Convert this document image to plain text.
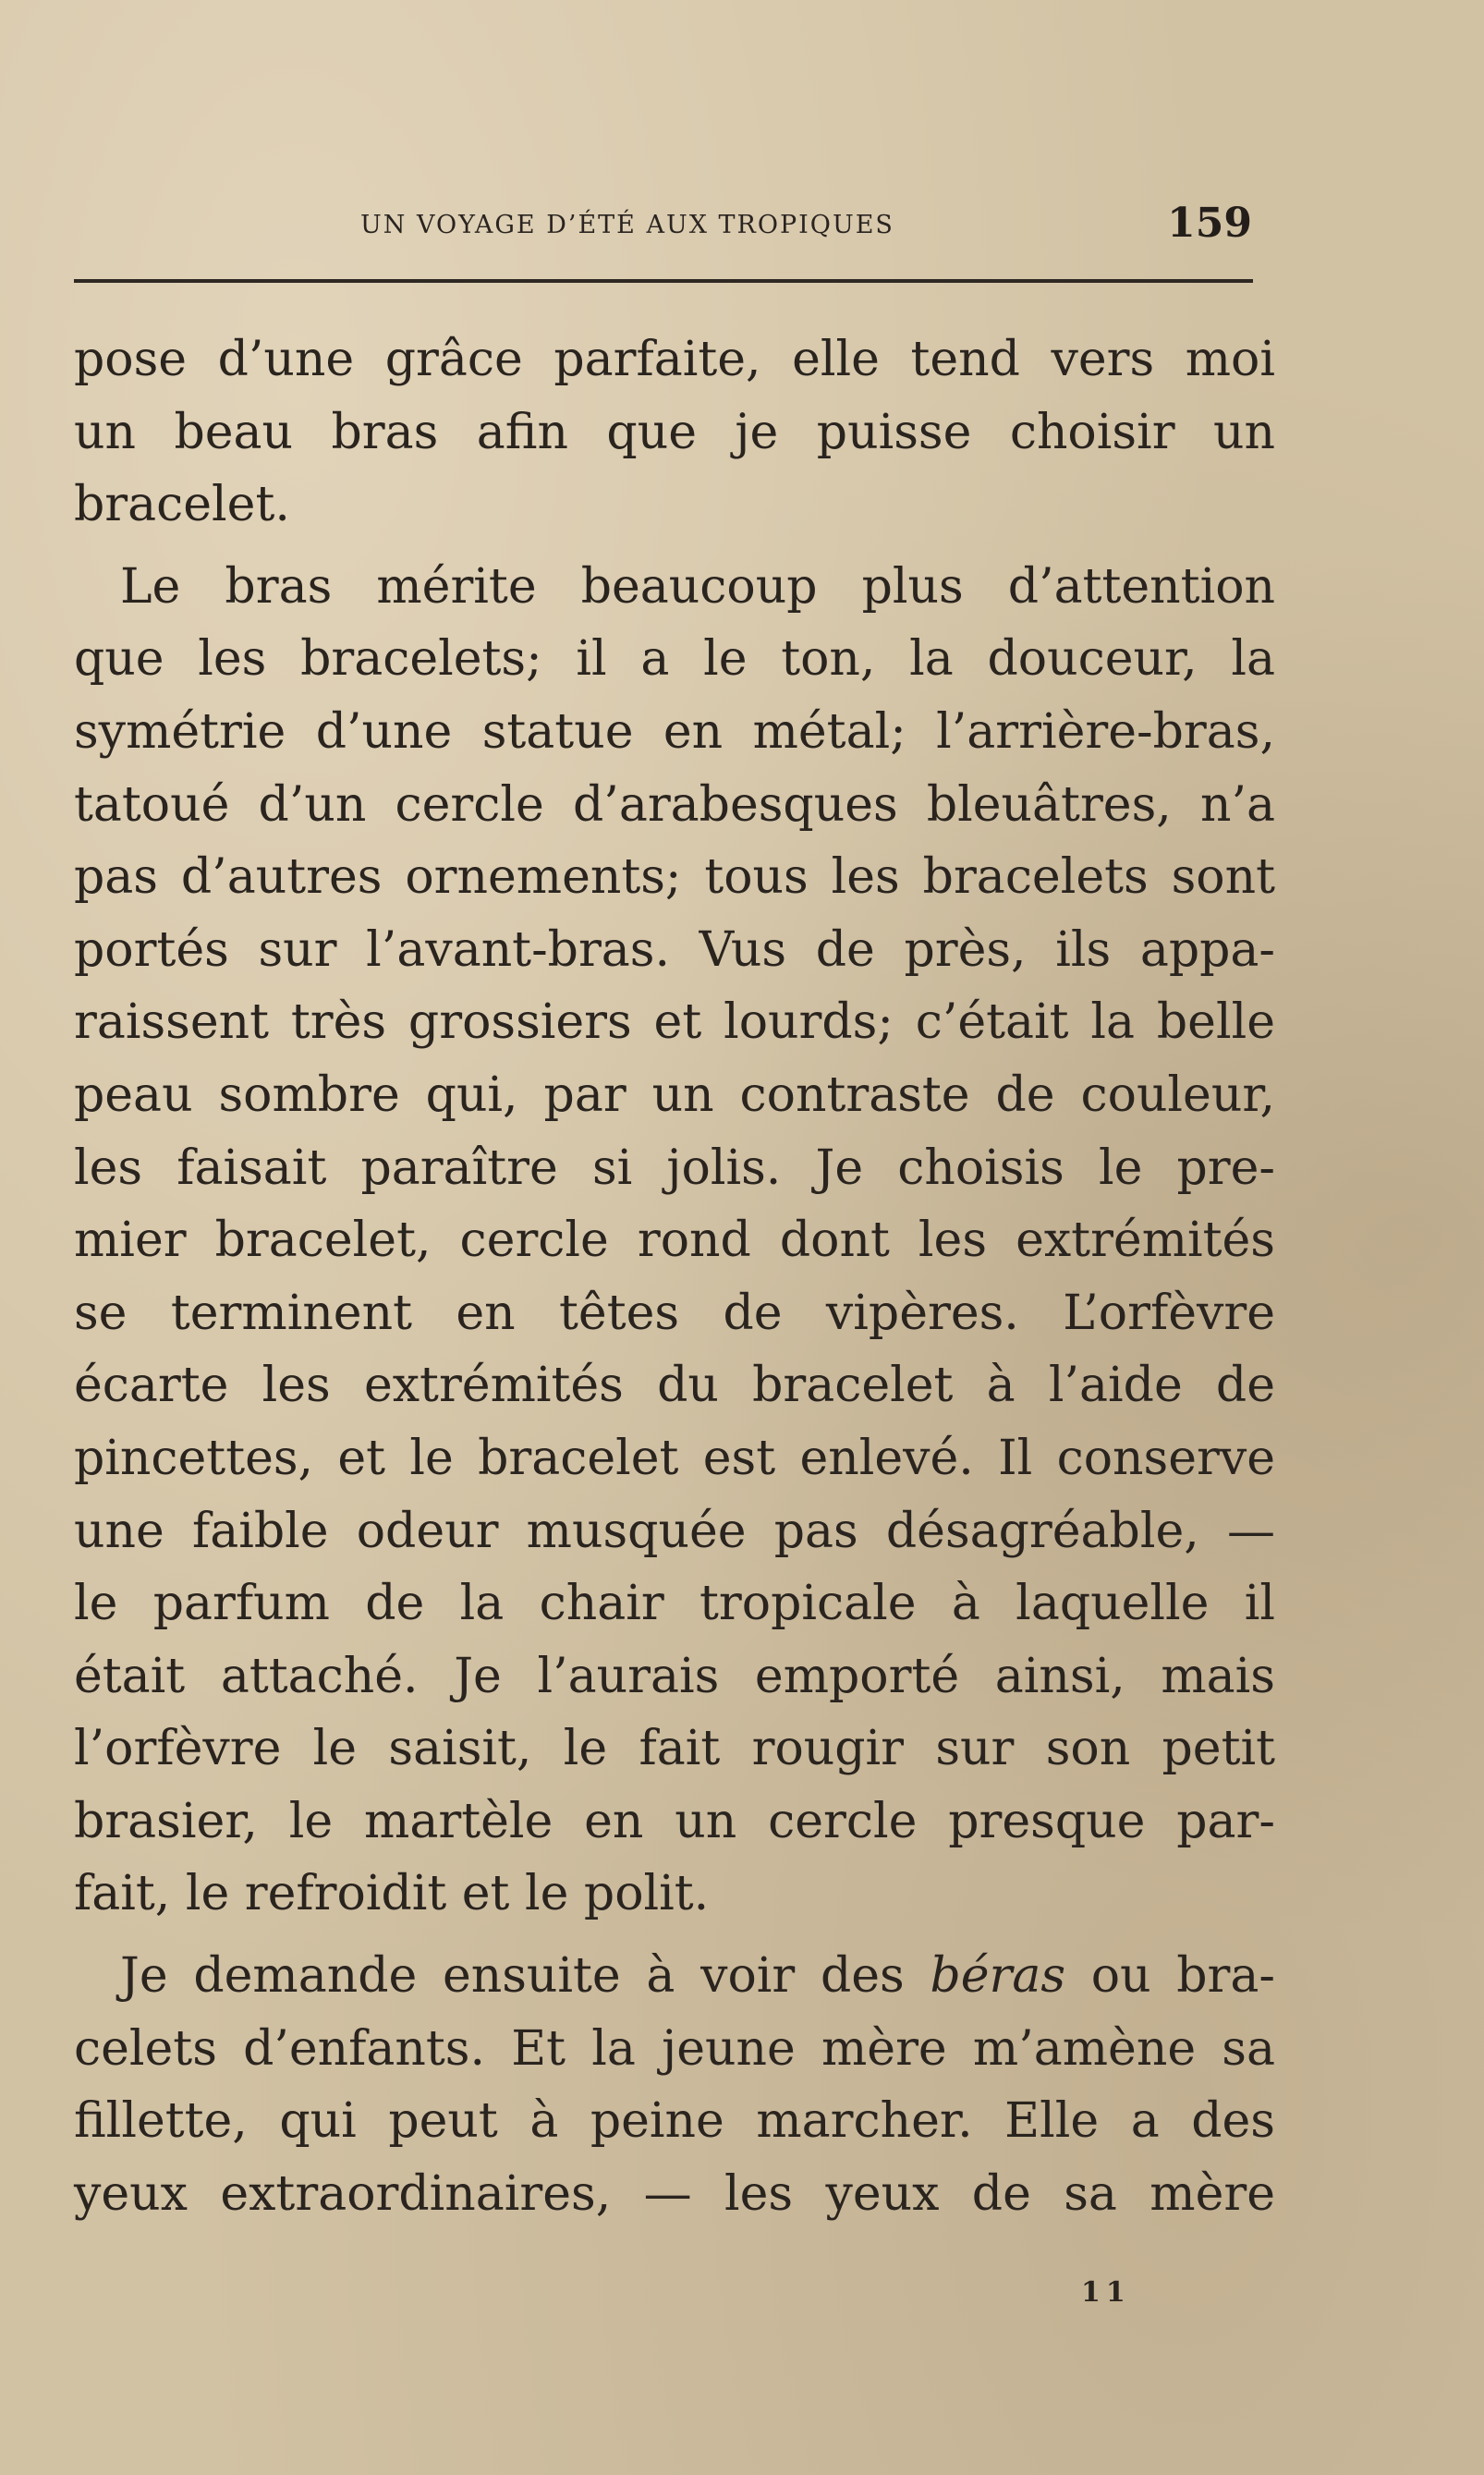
UN VOYAGE D’ÉTÉ AUX TROPIQUES	159
pose d’une grâce parfaite, elle tend vers moi
un beau bras afin que je puisse choisir un
bracelet.
Le bras mérite beaucoup plus d’attention
que les bracelets; il a le ton, la douceur, la
symétrie d’une statue en métal; l’arrière-bras,
tatoué d’un cercle d’arabesques bleuâtres, n’a
pas d’autres ornements; tous les bracelets sont
portés sur l’avant-bras. Vus de près, ils appa-
raissent très grossiers et lourds; c’était la belle
peau sombre qui, par un contraste de couleur,
les faisait paraître si jolis. Je choisis le pre-
mier bracelet, cercle rond dont les extrémités
se terminent en têtes de vipères. L’orfèvre
écarte les extrémités du bracelet à l’aide de
pincettes, et le bracelet est enlevé. Il conserve
une faible odeur musquée pas désagréable, —
le parfum de la chair tropicale à laquelle il
était attaché. Je l’aurais emporté ainsi, mais
l’orfèvre le saisit, le fait rougir sur son petit
brasier, le martèle en un cercle presque par-
fait, le refroidit et le polit.
Je demande ensuite à voir des béras ou bra-
celets d’enfants. Et la jeune mère m’amène sa
fillette, qui peut à peine marcher. Elle a des
yeux extraordinaires, — les yeux de sa mère
11
